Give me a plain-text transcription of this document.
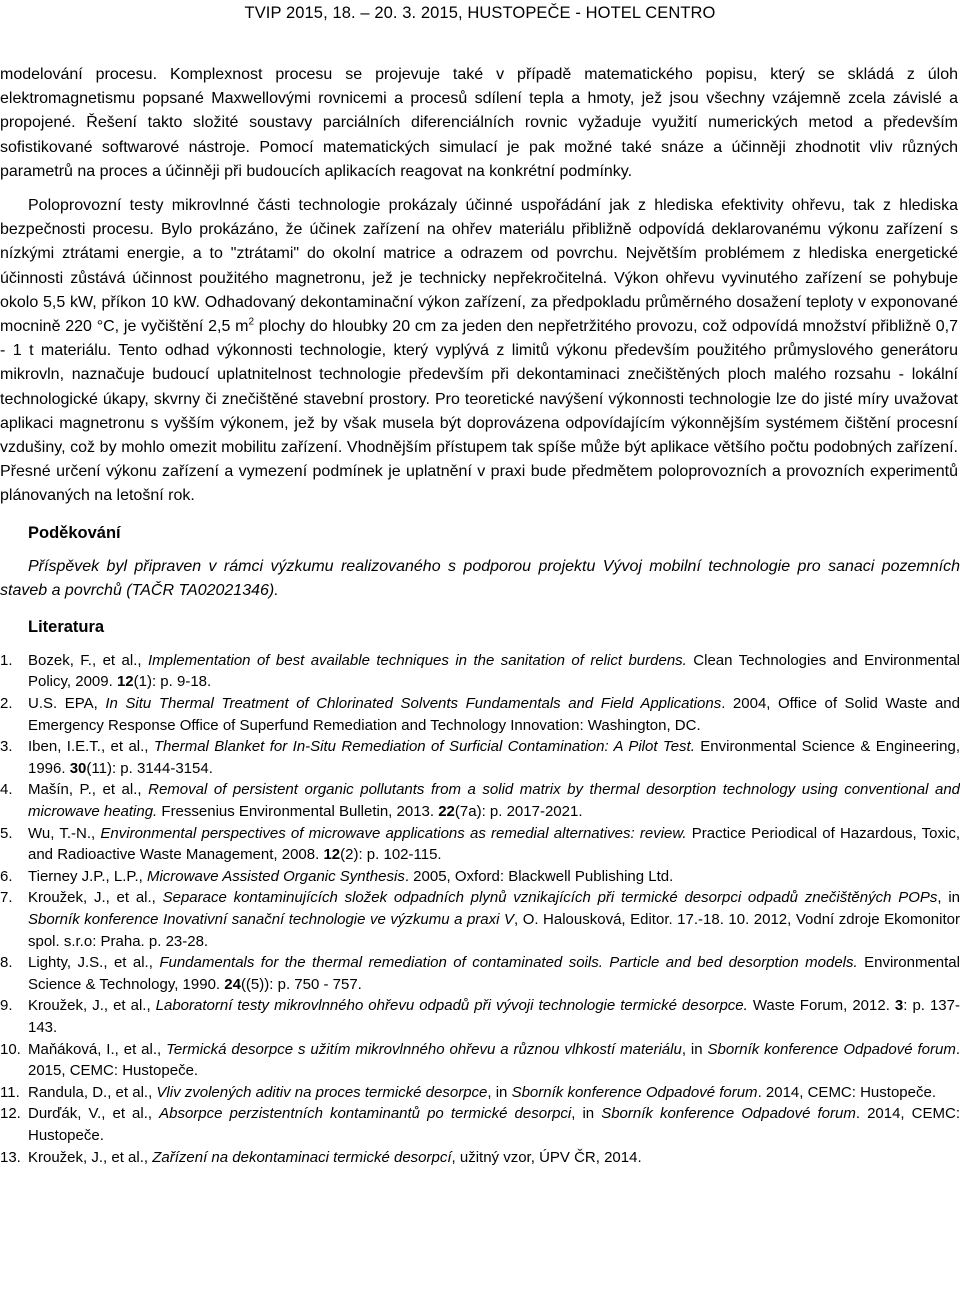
TVIP 2015, 18. – 20. 3. 2015, HUSTOPEČE - HOTEL CENTRO

modelování procesu. Komplexnost procesu se projevuje také v případě matematického popisu, který se skládá z úloh elektromagnetismu popsané Maxwellovými rovnicemi a procesů sdílení tepla a hmoty, jež jsou všechny vzájemně zcela závislé a propojené. Řešení takto složité soustavy parciálních diferenciálních rovnic vyžaduje využití numerických metod a především sofistikované softwarové nástroje. Pomocí matematických simulací je pak možné také snáze a účinněji zhodnotit vliv různých parametrů na proces a účinněji při budoucích aplikacích reagovat na konkrétní podmínky.

Poloprovozní testy mikrovlnné části technologie prokázaly účinné uspořádání jak z hlediska efektivity ohřevu, tak z hlediska bezpečnosti procesu. Bylo prokázáno, že účinek zařízení na ohřev materiálu přibližně odpovídá deklarovanému výkonu zařízení s nízkými ztrátami energie, a to "ztrátami" do okolní matrice a odrazem od povrchu. Největším problémem z hlediska energetické účinnosti zůstává účinnost použitého magnetronu, jež je technicky nepřekročitelná. Výkon ohřevu vyvinutého zařízení se pohybuje okolo 5,5 kW, příkon 10 kW. Odhadovaný dekontaminační výkon zařízení, za předpokladu průměrného dosažení teploty v exponované mocnině 220 °C, je vyčištění 2,5 $m^2$ plochy do hloubky 20 cm za jeden den nepřetržitého provozu, což odpovídá množství přibližně 0,7 - 1 t materiálu. Tento odhad výkonnosti technologie, který vyplývá z limitů výkonu především použitého průmyslového generátoru mikrovln, naznačuje budoucí uplatnitelnost technologie především při dekontaminaci znečištěných ploch malého rozsahu - lokální technologické úkapy, skvrny či znečištěné stavební prostory. Pro teoretické navýšení výkonnosti technologie lze do jisté míry uvažovat aplikaci magnetronu s vyšším výkonem, jež by však musela být doprovázena odpovídajícím výkonnějším systémem čištění procesní vzdušiny, což by mohlo omezit mobilitu zařízení. Vhodnějším přístupem tak spíše může být aplikace většího počtu podobných zařízení. Přesné určení výkonu zařízení a vymezení podmínek je uplatnění v praxi bude předmětem poloprovozních a provozních experimentů plánovaných na letošní rok.

Poděkování

Příspěvek byl připraven v rámci výzkumu realizovaného s podporou projektu Vývoj mobilní technologie pro sanaci pozemních staveb a povrchů (TAČR TA02021346).

Literatura
1. Bozek, F., et al., Implementation of best available techniques in the sanitation of relict burdens. Clean Technologies and Environmental Policy, 2009. 12(1): p. 9-18.
2. U.S. EPA, In Situ Thermal Treatment of Chlorinated Solvents Fundamentals and Field Applications. 2004, Office of Solid Waste and Emergency Response Office of Superfund Remediation and Technology Innovation: Washington, DC.
3. Iben, I.E.T., et al., Thermal Blanket for In-Situ Remediation of Surficial Contamination: A Pilot Test. Environmental Science & Engineering, 1996. 30(11): p. 3144-3154.
4. Mašín, P., et al., Removal of persistent organic pollutants from a solid matrix by thermal desorption technology using conventional and microwave heating. Fressenius Environmental Bulletin, 2013. 22(7a): p. 2017-2021.
5. Wu, T.-N., Environmental perspectives of microwave applications as remedial alternatives: review. Practice Periodical of Hazardous, Toxic, and Radioactive Waste Management, 2008. 12(2): p. 102-115.
6. Tierney J.P., L.P., Microwave Assisted Organic Synthesis. 2005, Oxford: Blackwell Publishing Ltd.
7. Kroužek, J., et al., Separace kontaminujících složek odpadních plynů vznikajících při termické desorpci odpadů znečištěných POPs, in Sborník konference Inovativní sanační technologie ve výzkumu a praxi V, O. Halousková, Editor. 17.-18. 10. 2012, Vodní zdroje Ekomonitor spol. s.r.o: Praha. p. 23-28.
8. Lighty, J.S., et al., Fundamentals for the thermal remediation of contaminated soils. Particle and bed desorption models. Environmental Science & Technology, 1990. 24((5)): p. 750 - 757.
9. Kroužek, J., et al., Laboratorní testy mikrovlnného ohřevu odpadů při vývoji technologie termické desorpce. Waste Forum, 2012. 3: p. 137-143.
10. Maňáková, I., et al., Termická desorpce s užitím mikrovlnného ohřevu a různou vlhkostí materiálu, in Sborník konference Odpadové forum. 2015, CEMC: Hustopeče.
11. Randula, D., et al., Vliv zvolených aditiv na proces termické desorpce, in Sborník konference Odpadové forum. 2014, CEMC: Hustopeče.
12. Durďák, V., et al., Absorpce perzistentních kontaminantů po termické desorpci, in Sborník konference Odpadové forum. 2014, CEMC: Hustopeče.
13. Kroužek, J., et al., Zařízení na dekontaminaci termické desorpcí, užitný vzor, ÚPV ČR, 2014.
